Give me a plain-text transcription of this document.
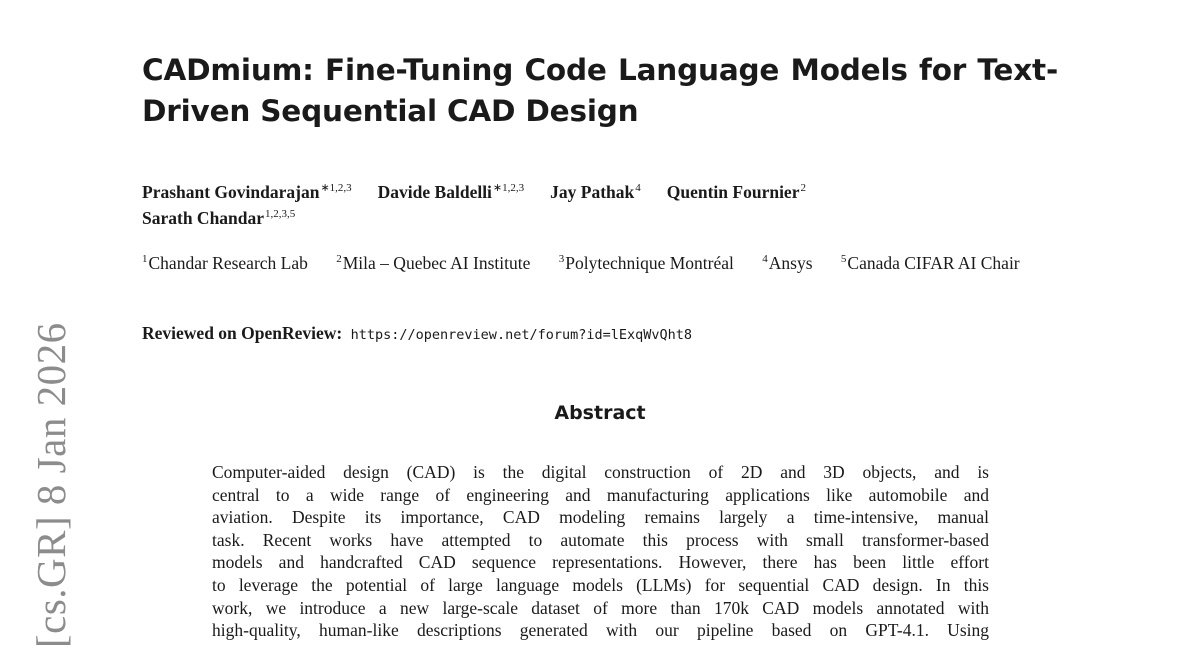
[cs.GR] 8 Jan 2026
CADmium: Fine-Tuning Code Language Models for Text-Driven Sequential CAD Design
Prashant Govindarajan$^{∗1,2,3}$ Davide Baldelli$^{∗1,2,3}$ Jay Pathak$^4$ Quentin Fournier$^2$
Sarath Chandar$^{1,2,3,5}$
$^1$Chandar Research Lab	$^2$Mila – Quebec AI Institute	$^3$Polytechnique Montréal	$^4$Ansys	$^5$Canada CIFAR AI Chair
Reviewed on OpenReview: https://openreview.net/forum?id=lExqWvQht8
Abstract
Computer-aided design (CAD) is the digital construction of 2D and 3D objects, and is
central to a wide range of engineering and manufacturing applications like automobile and
aviation. Despite its importance, CAD modeling remains largely a time-intensive, manual
task. Recent works have attempted to automate this process with small transformer-based
models and handcrafted CAD sequence representations. However, there has been little effort
to leverage the potential of large language models (LLMs) for sequential CAD design. In this
work, we introduce a new large-scale dataset of more than 170k CAD models annotated with
high-quality, human-like descriptions generated with our pipeline based on GPT-4.1. Using
